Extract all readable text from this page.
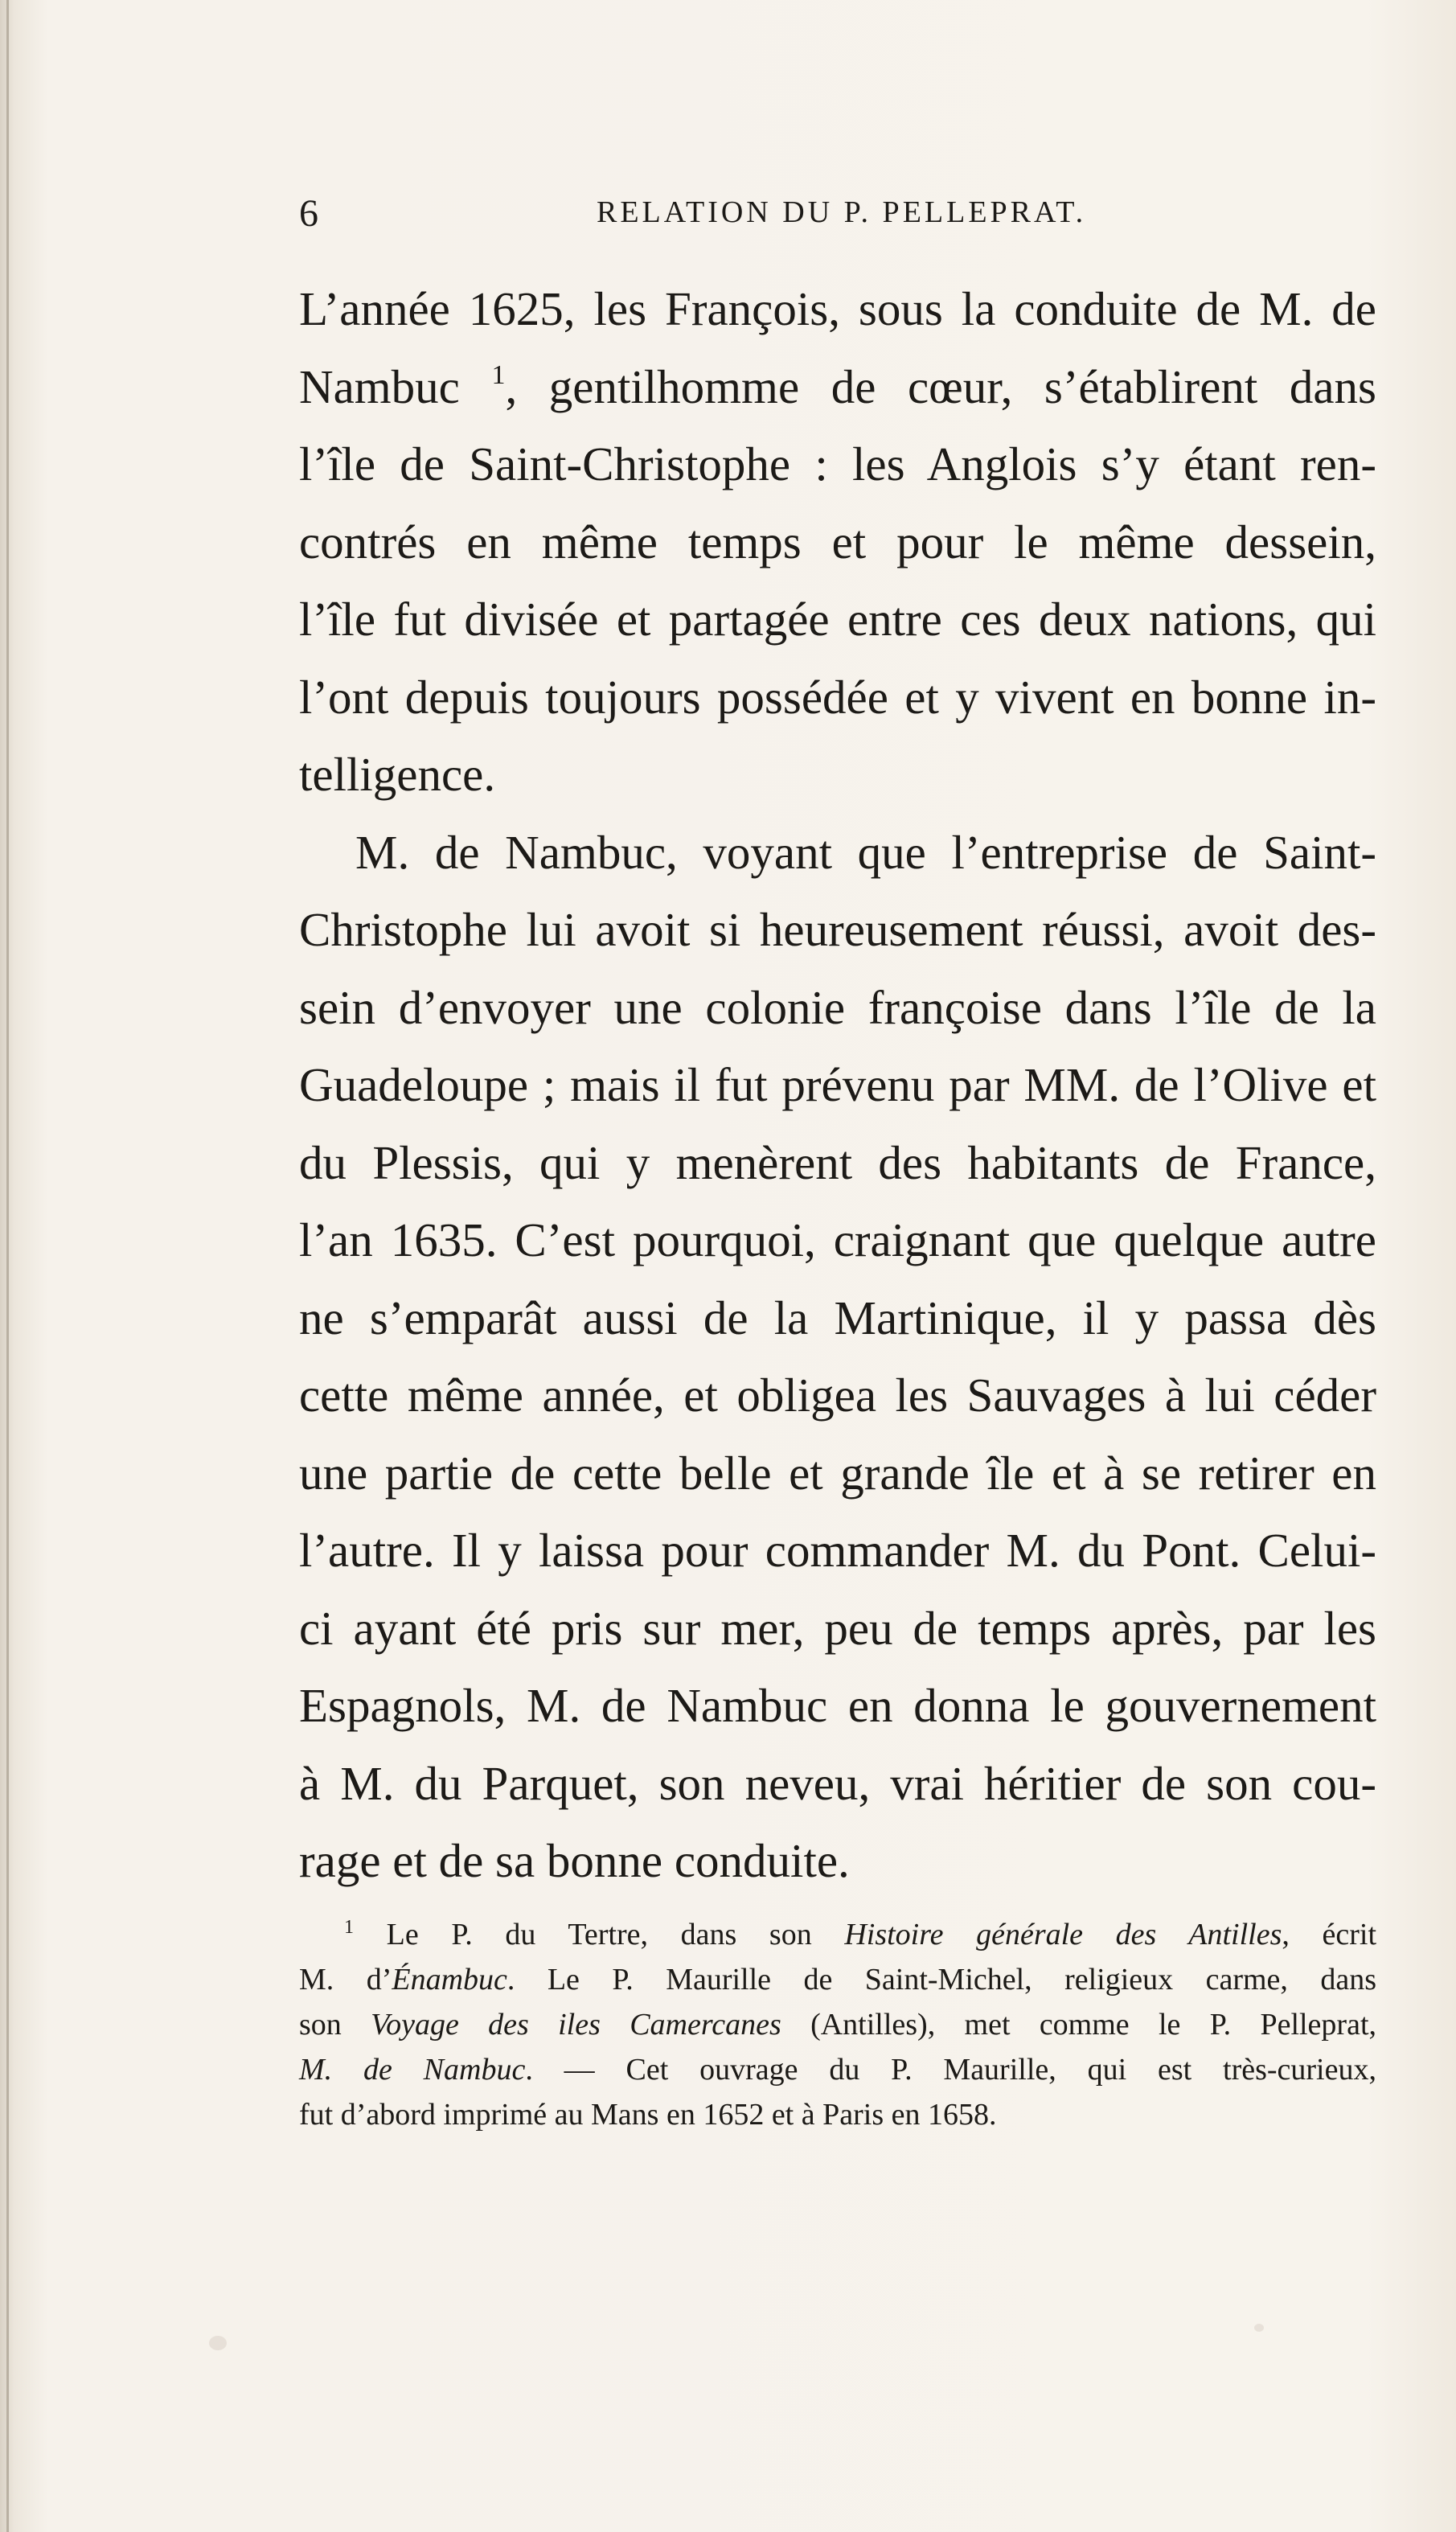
6	RELATION DU P. PELLEPRAT.
L’année 1625, les François, sous la conduite de M. de
Nambuc $^1$, gentilhomme de cœur, s’établirent dans
l’île de Saint-Christophe : les Anglois s’y étant ren-
contrés en même temps et pour le même dessein,
l’île fut divisée et partagée entre ces deux nations, qui
l’ont depuis toujours possédée et y vivent en bonne in-
telligence.
M. de Nambuc, voyant que l’entreprise de Saint-
Christophe lui avoit si heureusement réussi, avoit des-
sein d’envoyer une colonie françoise dans l’île de la
Guadeloupe ; mais il fut prévenu par MM. de l’Olive et
du Plessis, qui y menèrent des habitants de France,
l’an 1635. C’est pourquoi, craignant que quelque autre
ne s’emparât aussi de la Martinique, il y passa dès
cette même année, et obligea les Sauvages à lui céder
une partie de cette belle et grande île et à se retirer en
l’autre. Il y laissa pour commander M. du Pont. Celui-
ci ayant été pris sur mer, peu de temps après, par les
Espagnols, M. de Nambuc en donna le gouvernement
à M. du Parquet, son neveu, vrai héritier de son cou-
rage et de sa bonne conduite.
$^1$ Le P. du Tertre, dans son Histoire générale des Antilles, écrit
M. d’Énambuc. Le P. Maurille de Saint-Michel, religieux carme, dans
son Voyage des iles Camercanes (Antilles), met comme le P. Pelleprat,
M. de Nambuc. — Cet ouvrage du P. Maurille, qui est très-curieux,
fut d’abord imprimé au Mans en 1652 et à Paris en 1658.
